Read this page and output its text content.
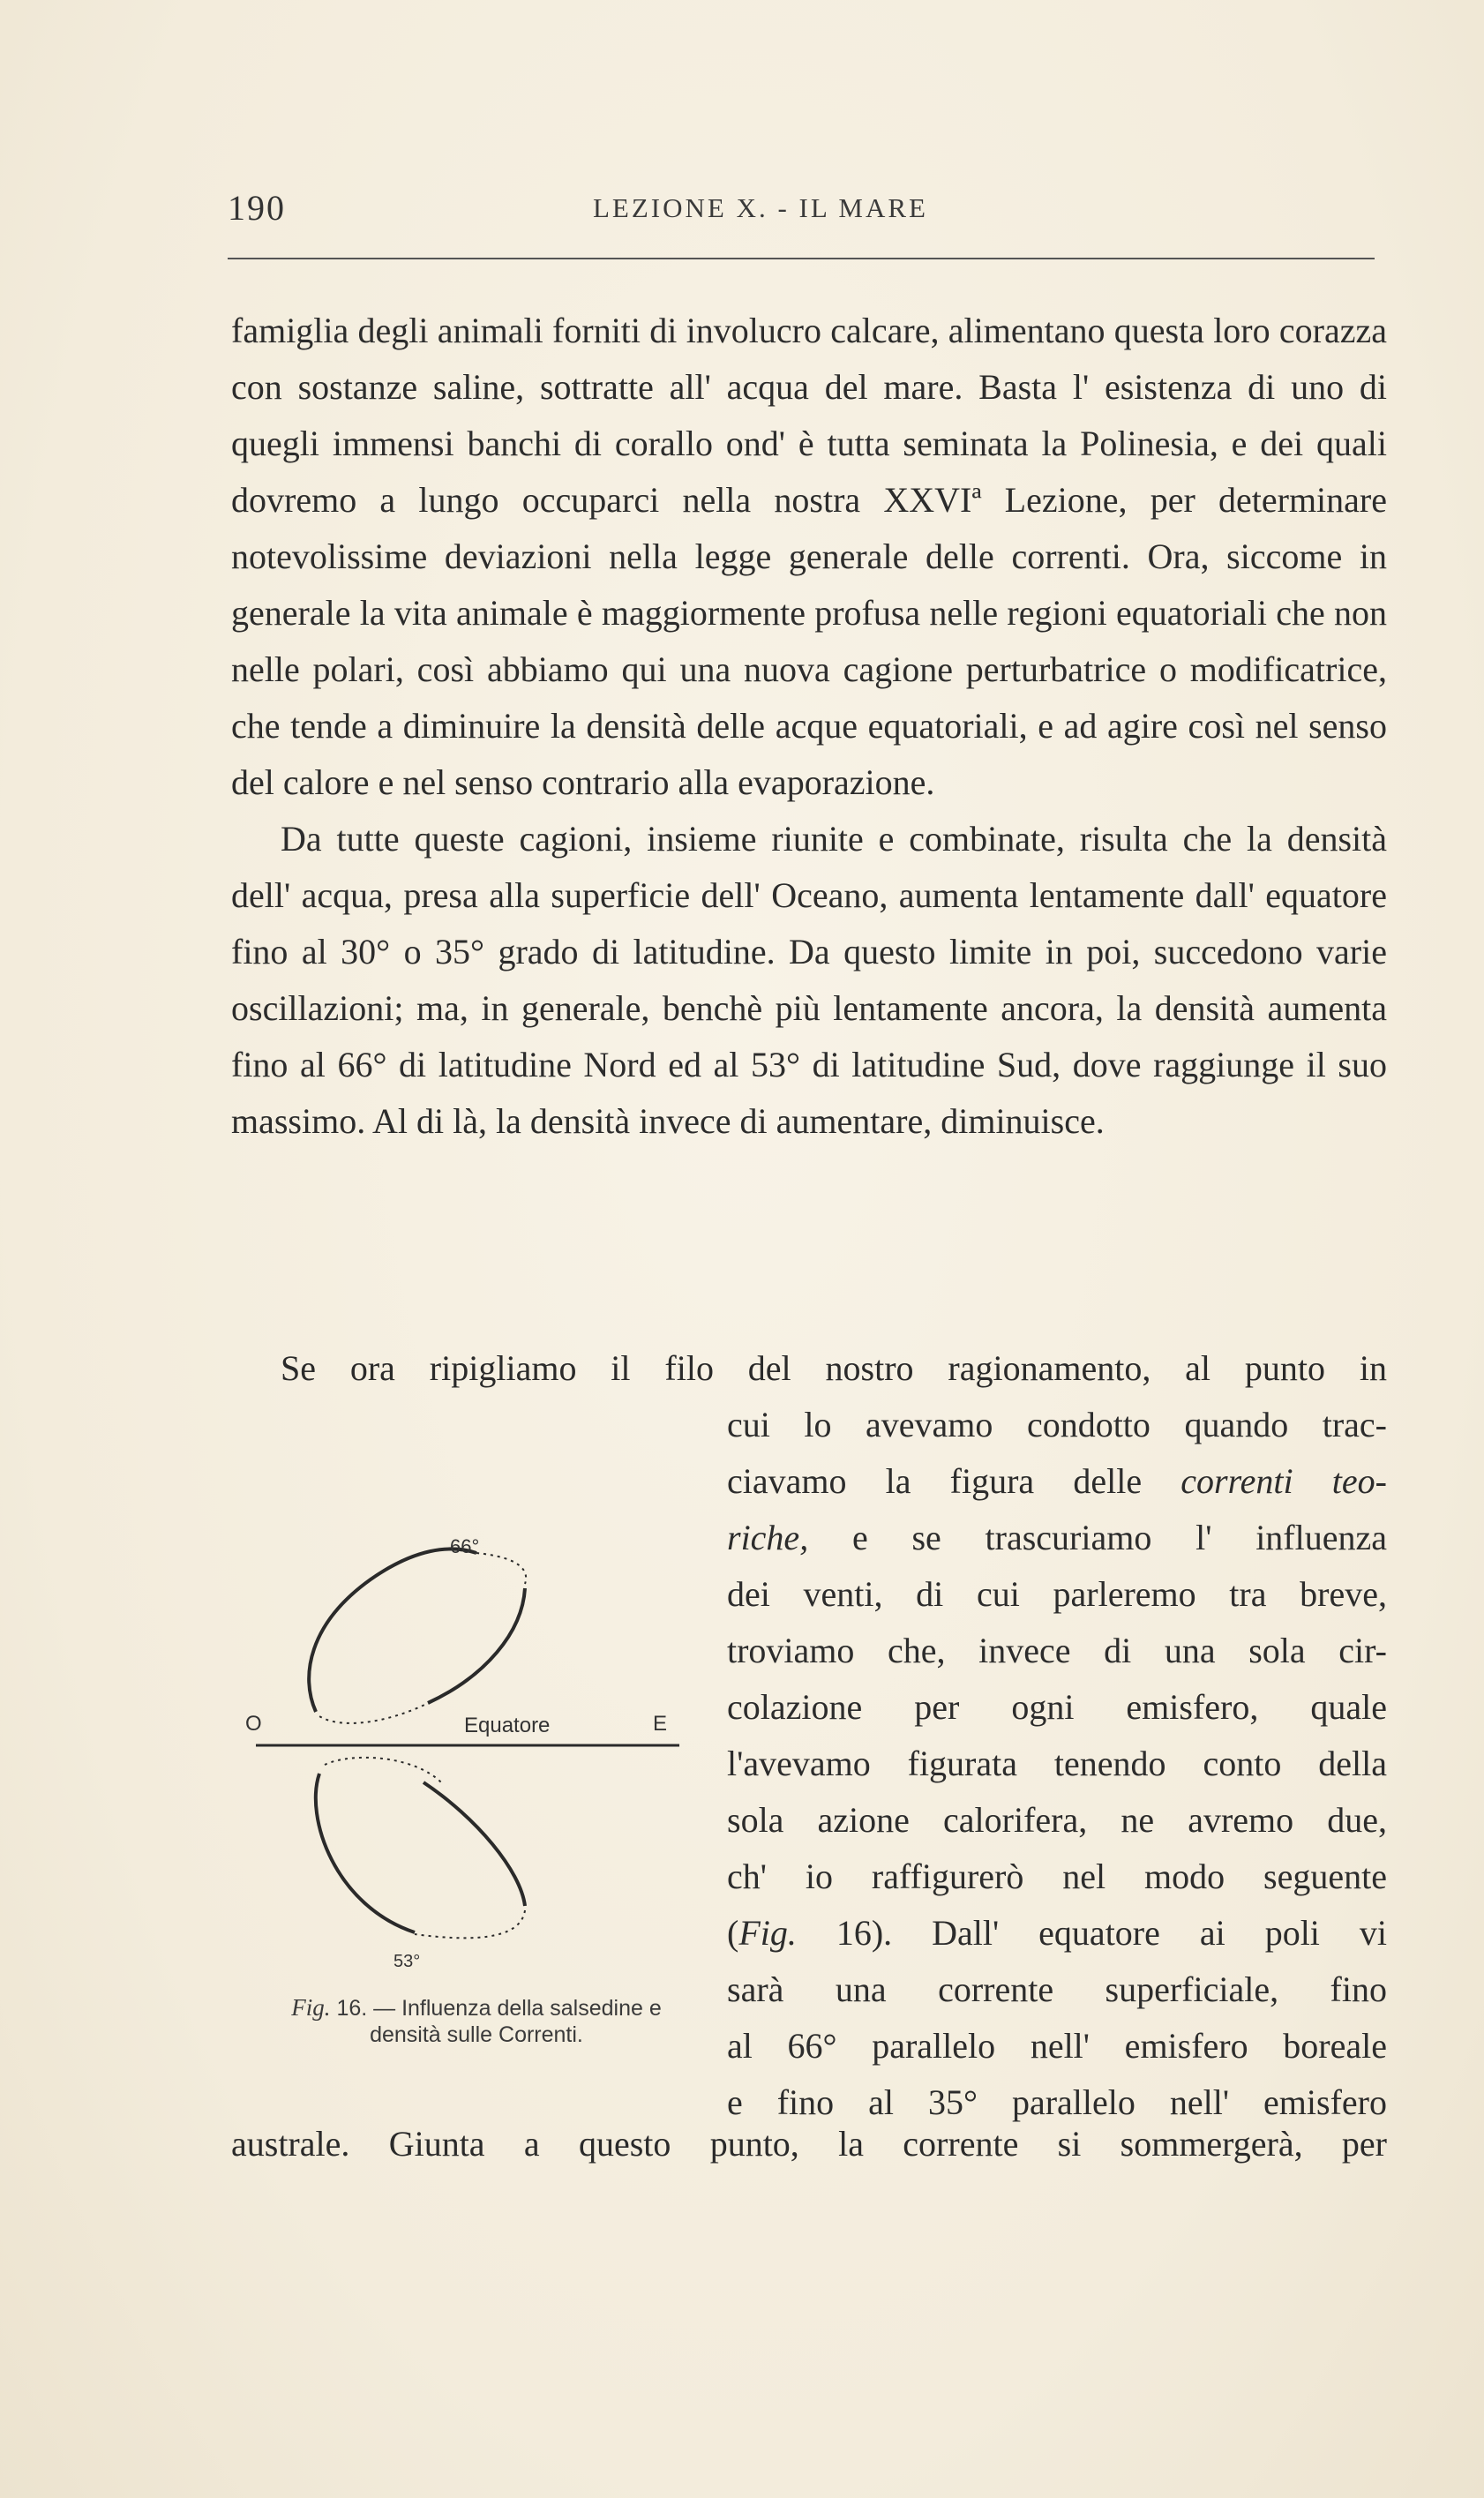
190	LEZIONE X. - IL MARE

famiglia degli animali forniti di involucro calcare, alimentano questa loro corazza con sostanze saline, sottratte all' acqua del mare. Basta l' esistenza di uno di quegli immensi banchi di corallo ond' è tutta seminata la Polinesia, e dei quali dovremo a lungo occuparci nella nostra XXVIª Lezione, per determinare notevolissime deviazioni nella legge generale delle correnti. Ora, siccome in generale la vita animale è maggiormente profusa nelle regioni equatoriali che non nelle polari, così abbiamo qui una nuova cagione perturbatrice o modificatrice, che tende a diminuire la densità delle acque equatoriali, e ad agire così nel senso del calore e nel senso contrario alla evaporazione.

Da tutte queste cagioni, insieme riunite e combinate, risulta che la densità dell' acqua, presa alla superficie dell' Oceano, aumenta lentamente dall' equatore fino al 30° o 35° grado di latitudine. Da questo limite in poi, succedono varie oscillazioni; ma, in generale, benchè più lentamente ancora, la densità aumenta fino al 66° di latitudine Nord ed al 53° di latitudine Sud, dove raggiunge il suo massimo. Al di là, la densità invece di aumentare, diminuisce.

Se ora ripigliamo il filo del nostro ragionamento, al punto in
cui lo avevamo condotto quando trac-
ciavamo la figura delle correnti teo-
riche, e se trascuriamo l' influenza
dei venti, di cui parleremo tra breve,
troviamo che, invece di una sola cir-
colazione per ogni emisfero, quale
l'avevamo figurata tenendo conto della
sola azione calorifera, ne avremo due,
ch' io raffigurerò nel modo seguente
(Fig. 16). Dall' equatore ai poli vi
sarà una corrente superficiale, fino
al 66° parallelo nell' emisfero boreale
e fino al 35° parallelo nell' emisfero
australe. Giunta a questo punto, la corrente si sommergerà, per
66°
53°
O	Equatore	E
Fig. 16. — Influenza della salsedine e densità sulle Correnti.
